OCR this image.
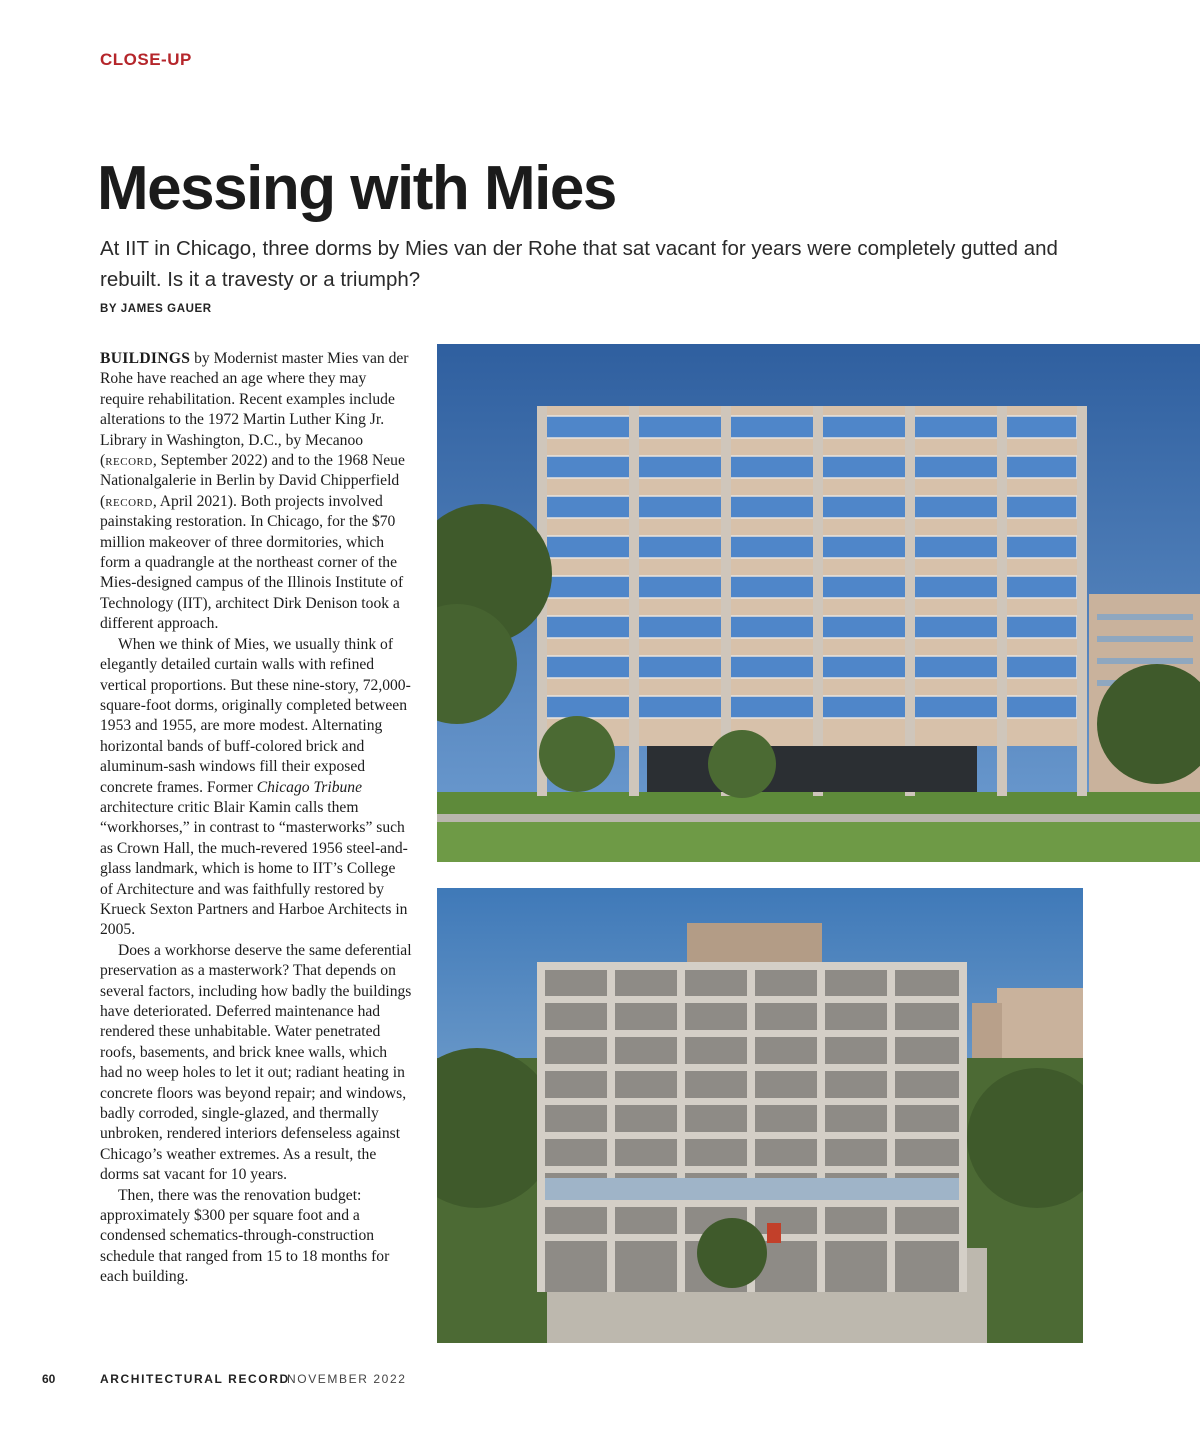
CLOSE-UP

Messing with Mies

At IIT in Chicago, three dorms by Mies van der Rohe that sat vacant for years were completely gutted and rebuilt. Is it a travesty or a triumph?

BY JAMES GAUER

BUILDINGS by Modernist master Mies van der Rohe have reached an age where they may require rehabilitation. Recent examples include alterations to the 1972 Martin Luther King Jr. Library in Washington, D.C., by Mecanoo (record, September 2022) and to the 1968 Neue Nationalgalerie in Berlin by David Chipperfield (record, April 2021). Both projects involved painstaking restoration. In Chicago, for the $70 million makeover of three dormitories, which form a quadrangle at the northeast corner of the Mies-designed campus of the Illinois Institute of Technology (IIT), architect Dirk Denison took a different approach.

When we think of Mies, we usually think of elegantly detailed curtain walls with refined vertical proportions. But these nine-story, 72,000-square-foot dorms, originally completed between 1953 and 1955, are more modest. Alternating horizontal bands of buff-colored brick and aluminum-sash windows fill their exposed concrete frames. Former Chicago Tribune architecture critic Blair Kamin calls them “workhorses,” in contrast to “masterworks” such as Crown Hall, the much-revered 1956 steel-and-glass landmark, which is home to IIT’s College of Architecture and was faithfully restored by Krueck Sexton Partners and Harboe Architects in 2005.

Does a workhorse deserve the same deferential preservation as a masterwork? That depends on several factors, including how badly the buildings have deteriorated. Deferred maintenance had rendered these unhabitable. Water penetrated roofs, basements, and brick knee walls, which had no weep holes to let it out; radiant heating in concrete floors was beyond repair; and windows, badly corroded, single-glazed, and thermally unbroken, rendered interiors defenseless against Chicago’s weather extremes. As a result, the dorms sat vacant for 10 years.

Then, there was the renovation budget: approximately $300 per square foot and a condensed schematics-through-construction schedule that ranged from 15 to 18 months for each building.

60	ARCHITECTURAL RECORD

NOVEMBER 2022
